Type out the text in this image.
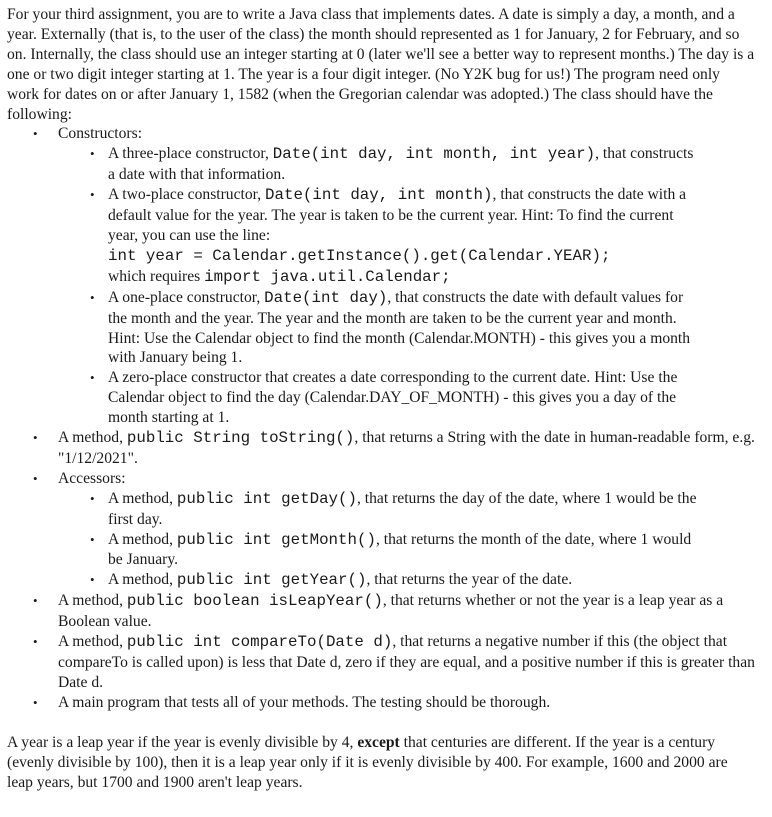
For your third assignment, you are to write a Java class that implements dates. A date is simply a day, a month, and a year. Externally (that is, to the user of the class) the month should represented as 1 for January, 2 for February, and so on. Internally, the class should use an integer starting at 0 (later we'll see a better way to represent months.) The day is a one or two digit integer starting at 1. The year is a four digit integer. (No Y2K bug for us!) The program need only work for dates on or after January 1, 1582 (when the Gregorian calendar was adopted.) The class should have the following:

• Constructors:
• A three-place constructor, Date(int day, int month, int year), that constructs a date with that information.
• A two-place constructor, Date(int day, int month), that constructs the date with a default value for the year. The year is taken to be the current year. Hint: To find the current year, you can use the line:
int year = Calendar.getInstance().get(Calendar.YEAR);
which requires import java.util.Calendar;
• A one-place constructor, Date(int day), that constructs the date with default values for the month and the year. The year and the month are taken to be the current year and month. Hint: Use the Calendar object to find the month (Calendar.MONTH) - this gives you a month with January being 1.
• A zero-place constructor that creates a date corresponding to the current date. Hint: Use the Calendar object to find the day (Calendar.DAY_OF_MONTH) - this gives you a day of the month starting at 1.
• A method, public String toString(), that returns a String with the date in human-readable form, e.g. "1/12/2021".
• Accessors:
• A method, public int getDay(), that returns the day of the date, where 1 would be the first day.
• A method, public int getMonth(), that returns the month of the date, where 1 would be January.
• A method, public int getYear(), that returns the year of the date.
• A method, public boolean isLeapYear(), that returns whether or not the year is a leap year as a Boolean value.
• A method, public int compareTo(Date d), that returns a negative number if this (the object that compareTo is called upon) is less that Date d, zero if they are equal, and a positive number if this is greater than Date d.
• A main program that tests all of your methods. The testing should be thorough.

A year is a leap year if the year is evenly divisible by 4, except that centuries are different. If the year is a century (evenly divisible by 100), then it is a leap year only if it is evenly divisible by 400. For example, 1600 and 2000 are leap years, but 1700 and 1900 aren't leap years.
